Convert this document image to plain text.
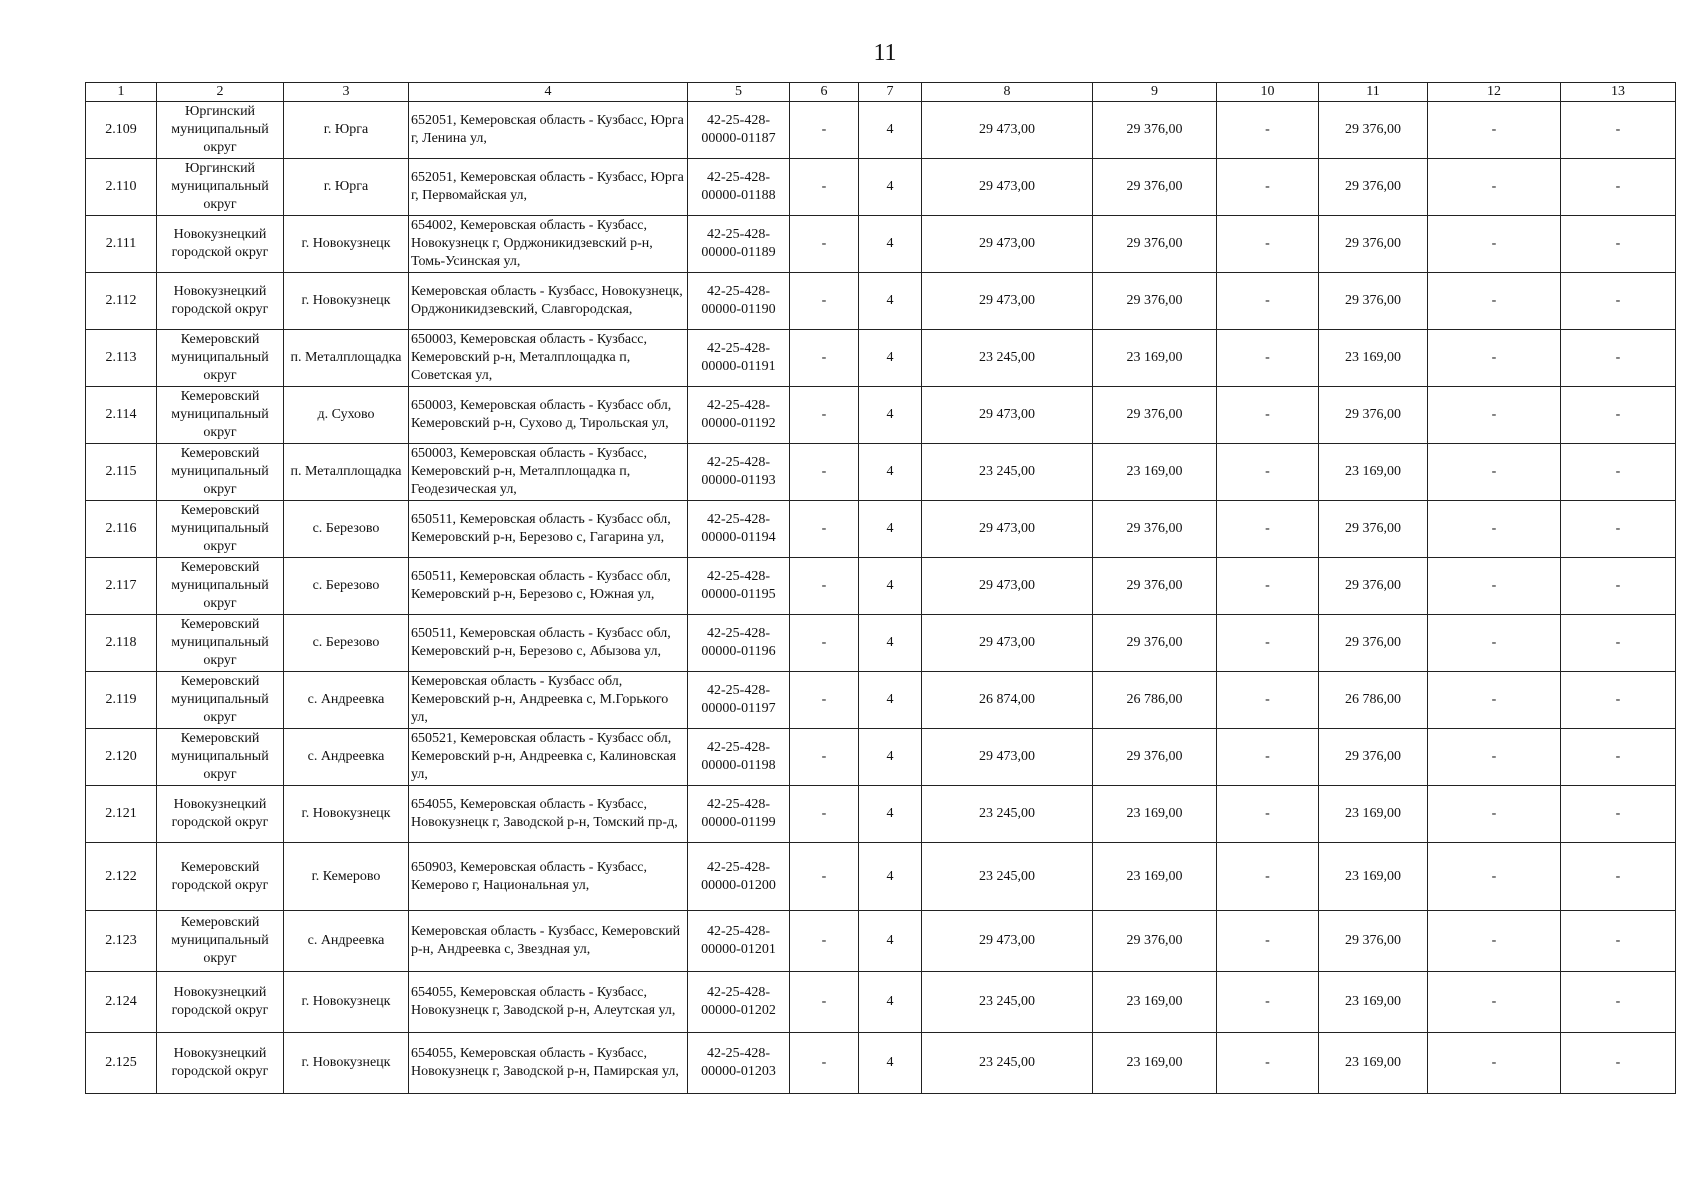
11
1	2	3	4	5	6	7	8	9	10	11	12	13
2.109	Юргинский муниципальный округ	г. Юрга	652051, Кемеровская область - Кузбасс, Юрга г, Ленина ул,	42-25-428-00000-01187	-	4	29 473,00	29 376,00	-	29 376,00	-	-
2.110	Юргинский муниципальный округ	г. Юрга	652051, Кемеровская область - Кузбасс, Юрга г, Первомайская ул,	42-25-428-00000-01188	-	4	29 473,00	29 376,00	-	29 376,00	-	-
2.111	Новокузнецкий городской округ	г. Новокузнецк	654002, Кемеровская область - Кузбасс, Новокузнецк г, Орджоникидзевский р-н, Томь-Усинская ул,	42-25-428-00000-01189	-	4	29 473,00	29 376,00	-	29 376,00	-	-
2.112	Новокузнецкий городской округ	г. Новокузнецк	Кемеровская область - Кузбасс, Новокузнецк, Орджоникидзевский, Славгородская,	42-25-428-00000-01190	-	4	29 473,00	29 376,00	-	29 376,00	-	-
2.113	Кемеровский муниципальный округ	п. Металплощадка	650003, Кемеровская область - Кузбасс, Кемеровский р-н, Металплощадка п, Советская ул,	42-25-428-00000-01191	-	4	23 245,00	23 169,00	-	23 169,00	-	-
2.114	Кемеровский муниципальный округ	д. Сухово	650003, Кемеровская область - Кузбасс обл, Кемеровский р-н, Сухово д, Тирольская ул,	42-25-428-00000-01192	-	4	29 473,00	29 376,00	-	29 376,00	-	-
2.115	Кемеровский муниципальный округ	п. Металплощадка	650003, Кемеровская область - Кузбасс, Кемеровский р-н, Металплощадка п, Геодезическая ул,	42-25-428-00000-01193	-	4	23 245,00	23 169,00	-	23 169,00	-	-
2.116	Кемеровский муниципальный округ	с. Березово	650511, Кемеровская область - Кузбасс обл, Кемеровский р-н, Березово с, Гагарина ул,	42-25-428-00000-01194	-	4	29 473,00	29 376,00	-	29 376,00	-	-
2.117	Кемеровский муниципальный округ	с. Березово	650511, Кемеровская область - Кузбасс обл, Кемеровский р-н, Березово с, Южная ул,	42-25-428-00000-01195	-	4	29 473,00	29 376,00	-	29 376,00	-	-
2.118	Кемеровский муниципальный округ	с. Березово	650511, Кемеровская область - Кузбасс обл, Кемеровский р-н, Березово с, Абызова ул,	42-25-428-00000-01196	-	4	29 473,00	29 376,00	-	29 376,00	-	-
2.119	Кемеровский муниципальный округ	с. Андреевка	Кемеровская область - Кузбасс обл, Кемеровский р-н, Андреевка с, М.Горького ул,	42-25-428-00000-01197	-	4	26 874,00	26 786,00	-	26 786,00	-	-
2.120	Кемеровский муниципальный округ	с. Андреевка	650521, Кемеровская область - Кузбасс обл, Кемеровский р-н, Андреевка с, Калиновская ул,	42-25-428-00000-01198	-	4	29 473,00	29 376,00	-	29 376,00	-	-
2.121	Новокузнецкий городской округ	г. Новокузнецк	654055, Кемеровская область - Кузбасс, Новокузнецк г, Заводской р-н, Томский пр-д,	42-25-428-00000-01199	-	4	23 245,00	23 169,00	-	23 169,00	-	-
2.122	Кемеровский городской округ	г. Кемерово	650903, Кемеровская область - Кузбасс, Кемерово г, Национальная ул,	42-25-428-00000-01200	-	4	23 245,00	23 169,00	-	23 169,00	-	-
2.123	Кемеровский муниципальный округ	с. Андреевка	Кемеровская область - Кузбасс, Кемеровский р-н, Андреевка с, Звездная ул,	42-25-428-00000-01201	-	4	29 473,00	29 376,00	-	29 376,00	-	-
2.124	Новокузнецкий городской округ	г. Новокузнецк	654055, Кемеровская область - Кузбасс, Новокузнецк г, Заводской р-н, Алеутская ул,	42-25-428-00000-01202	-	4	23 245,00	23 169,00	-	23 169,00	-	-
2.125	Новокузнецкий городской округ	г. Новокузнецк	654055, Кемеровская область - Кузбасс, Новокузнецк г, Заводской р-н, Памирская ул,	42-25-428-00000-01203	-	4	23 245,00	23 169,00	-	23 169,00	-	-
